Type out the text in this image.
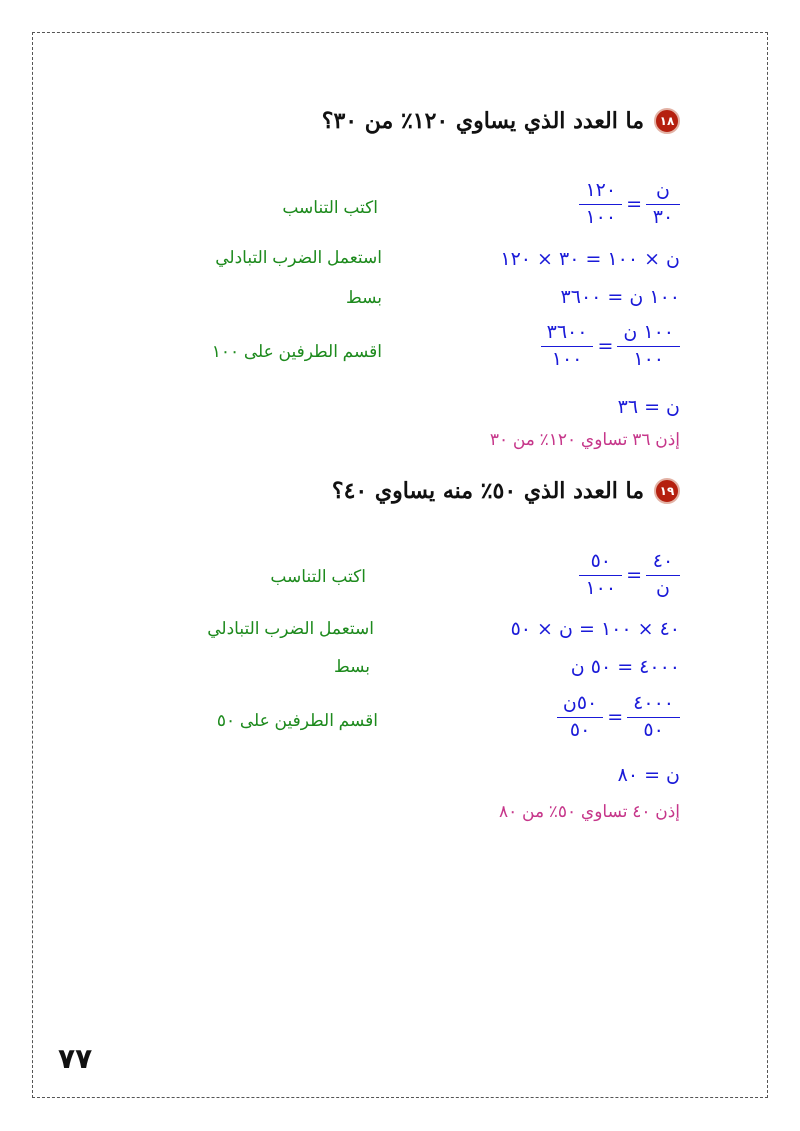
١٨
ما العدد الذي يساوي ١٢٠٪ من ٣٠؟
$\frac{\text{ن}}{٣٠}$
=
$\frac{١٢٠}{١٠٠}$
اكتب التناسب
ن × ١٠٠ = ٣٠ × ١٢٠
استعمل الضرب التبادلي
١٠٠ ن = ٣٦٠٠
بسط
$\frac{\text{١٠٠ ن}}{١٠٠}$
=
$\frac{٣٦٠٠}{١٠٠}$
اقسم الطرفين على ١٠٠
ن = ٣٦
إذن ٣٦ تساوي ١٢٠٪ من ٣٠
١٩
ما العدد الذي ٥٠٪ منه يساوي ٤٠؟
$\frac{٤٠}{\text{ن}}$
=
$\frac{٥٠}{١٠٠}$
اكتب التناسب
٤٠ × ١٠٠ = ن × ٥٠
استعمل الضرب التبادلي
٤٠٠٠ = ٥٠ ن
بسط
$\frac{٤٠٠٠}{٥٠}$
=
$\frac{\text{٥٠ن}}{٥٠}$
اقسم الطرفين على ٥٠
ن = ٨٠
إذن ٤٠ تساوي ٥٠٪ من ٨٠
٧٧
